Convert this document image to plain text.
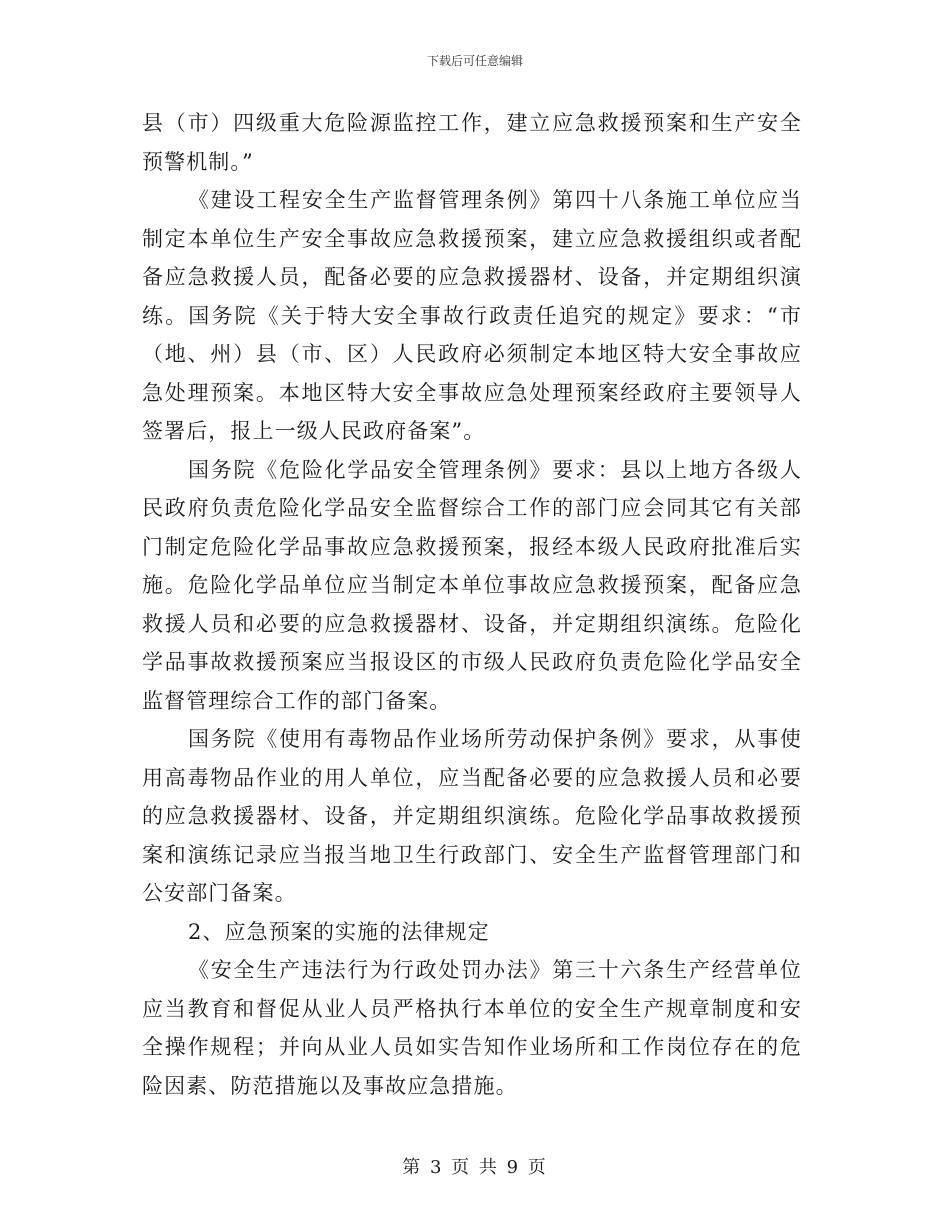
下载后可任意编辑

县（市）四级重大危险源监控工作，建立应急救援预案和生产安全预警机制。”

《建设工程安全生产监督管理条例》第四十八条施工单位应当制定本单位生产安全事故应急救援预案，建立应急救援组织或者配备应急救援人员，配备必要的应急救援器材、设备，并定期组织演练。国务院《关于特大安全事故行政责任追究的规定》要求：“市（地、州）县（市、区）人民政府必须制定本地区特大安全事故应急处理预案。本地区特大安全事故应急处理预案经政府主要领导人签署后，报上一级人民政府备案”。

国务院《危险化学品安全管理条例》要求：县以上地方各级人民政府负责危险化学品安全监督综合工作的部门应会同其它有关部门制定危险化学品事故应急救援预案，报经本级人民政府批准后实施。危险化学品单位应当制定本单位事故应急救援预案，配备应急救援人员和必要的应急救援器材、设备，并定期组织演练。危险化学品事故救援预案应当报设区的市级人民政府负责危险化学品安全监督管理综合工作的部门备案。

国务院《使用有毒物品作业场所劳动保护条例》要求，从事使用高毒物品作业的用人单位，应当配备必要的应急救援人员和必要的应急救援器材、设备，并定期组织演练。危险化学品事故救援预案和演练记录应当报当地卫生行政部门、安全生产监督管理部门和公安部门备案。

2、应急预案的实施的法律规定

《安全生产违法行为行政处罚办法》第三十六条生产经营单位应当教育和督促从业人员严格执行本单位的安全生产规章制度和安全操作规程；并向从业人员如实告知作业场所和工作岗位存在的危险因素、防范措施以及事故应急措施。

第 3 页 共 9 页
